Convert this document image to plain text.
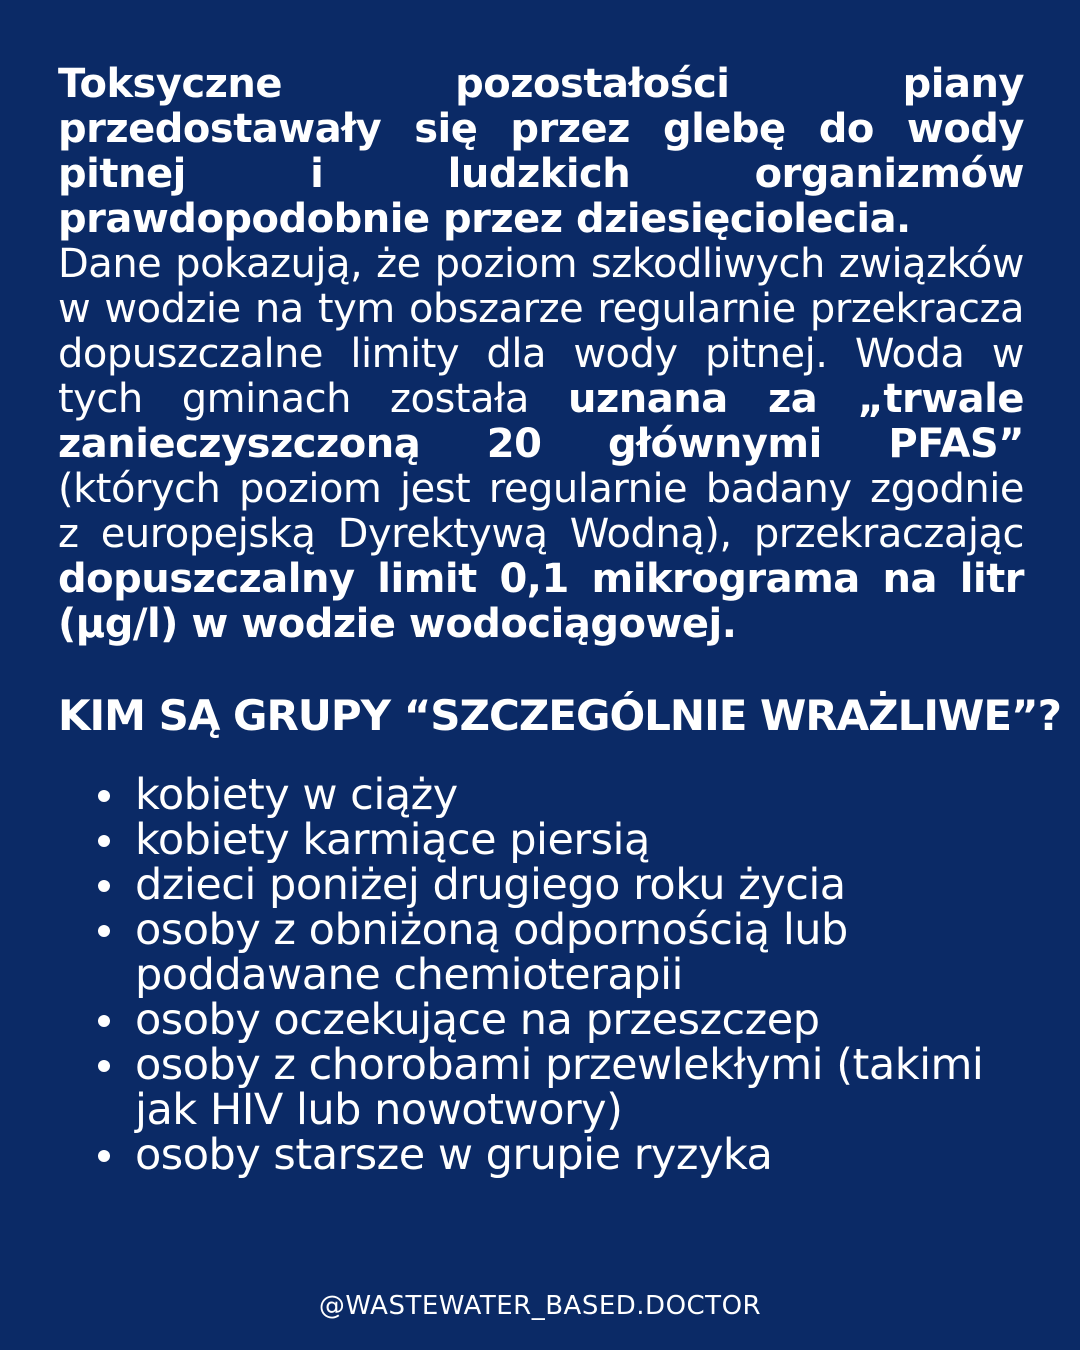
Toksyczne pozostałości piany przedostawały się przez glebę do wody pitnej i ludzkich organizmów prawdopodobnie przez dziesięciolecia.
Dane pokazują, że poziom szkodliwych związków w wodzie na tym obszarze regularnie przekracza dopuszczalne limity dla wody pitnej. Woda w tych gminach została uznana za „trwale zanieczyszczoną 20 głównymi PFAS” (których poziom jest regularnie badany zgodnie z europejską Dyrektywą Wodną), przekraczając dopuszczalny limit 0,1 mikrograma na litr (µg/l) w wodzie wodociągowej.

KIM SĄ GRUPY “SZCZEGÓLNIE WRAŻLIWE”?
kobiety w ciąży
kobiety karmiące piersią
dzieci poniżej drugiego roku życia
osoby z obniżoną odpornością lub poddawane chemioterapii
osoby oczekujące na przeszczep
osoby z chorobami przewlekłymi (takimi jak HIV lub nowotwory)
osoby starsze w grupie ryzyka
@WASTEWATER_BASED.DOCTOR
